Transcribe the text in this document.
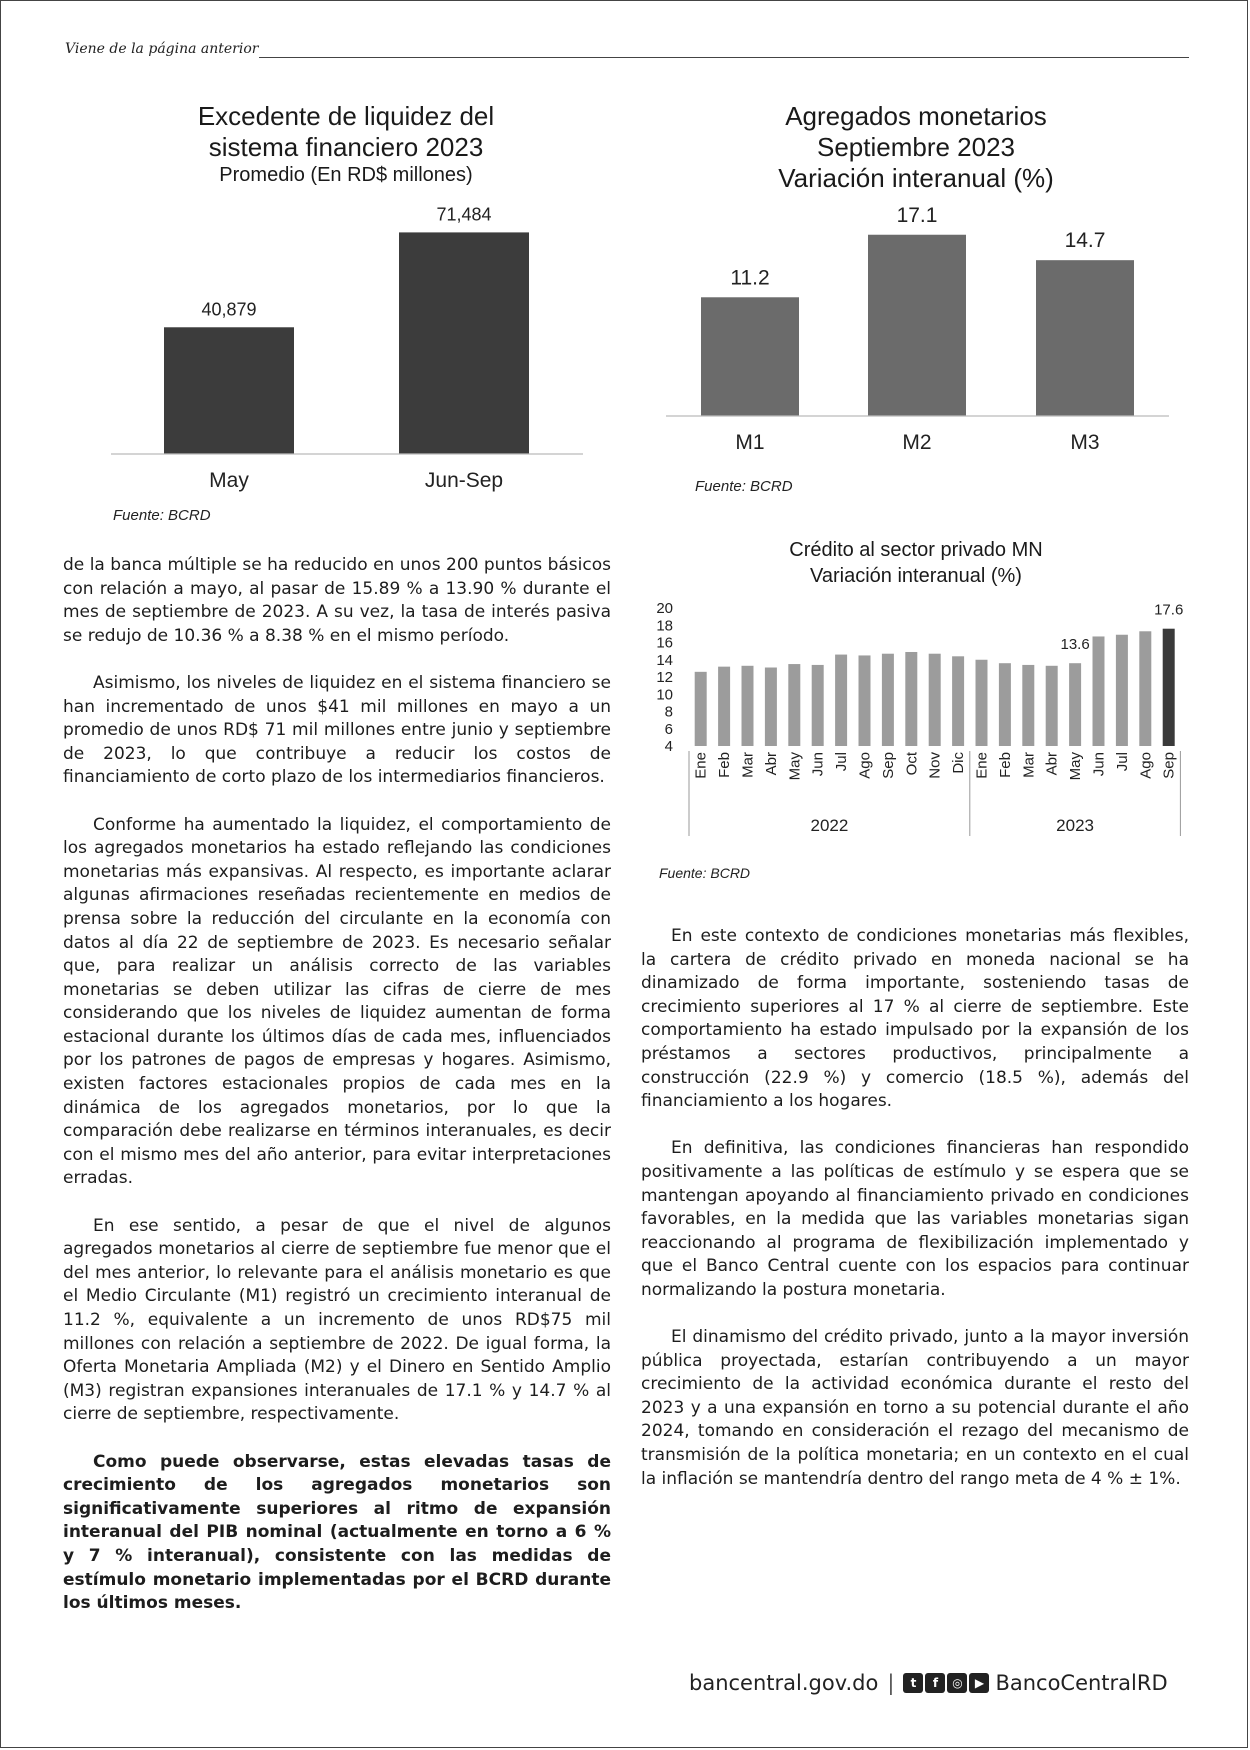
Viene de la página anterior
Excedente de liquidez del
sistema financiero 2023
Promedio (En RD$ millones)
40,879
May
71,484
Jun-Sep
Fuente: BCRD
Agregados monetarios
Septiembre 2023
Variación interanual (%)
11.2
M1
17.1
M2
14.7
M3
Fuente: BCRD
Crédito al sector privado MN
Variación interanual (%)
20
18
16
14
12
10
8
6
4
Ene Feb Mar Abr May Jun Jul Ago Sep Oct Nov Dic Ene Feb Mar Abr May Jun Jul Ago Sep
13.6
17.6
2022	2023
Fuente: BCRD

de la banca múltiple se ha reducido en unos 200 puntos básicos con relación a mayo, al pasar de 15.89 % a 13.90 % durante el mes de septiembre de 2023. A su vez, la tasa de interés pasiva se redujo de 10.36 % a 8.38 % en el mismo período.

Asimismo, los niveles de liquidez en el sistema financiero se han incrementado de unos $41 mil millones en mayo a un promedio de unos RD$ 71 mil millones entre junio y septiembre de 2023, lo que contribuye a reducir los costos de financiamiento de corto plazo de los intermediarios financieros.

Conforme ha aumentado la liquidez, el comportamiento de los agregados monetarios ha estado reflejando las condiciones monetarias más expansivas. Al respecto, es importante aclarar algunas afirmaciones reseñadas recientemente en medios de prensa sobre la reducción del circulante en la economía con datos al día 22 de septiembre de 2023. Es necesario señalar que, para realizar un análisis correcto de las variables monetarias se deben utilizar las cifras de cierre de mes considerando que los niveles de liquidez aumentan de forma estacional durante los últimos días de cada mes, influenciados por los patrones de pagos de empresas y hogares. Asimismo, existen factores estacionales propios de cada mes en la dinámica de los agregados monetarios, por lo que la comparación debe realizarse en términos interanuales, es decir con el mismo mes del año anterior, para evitar interpretaciones erradas.

En ese sentido, a pesar de que el nivel de algunos agregados monetarios al cierre de septiembre fue menor que el del mes anterior, lo relevante para el análisis monetario es que el Medio Circulante (M1) registró un crecimiento interanual de 11.2 %, equivalente a un incremento de unos RD$75 mil millones con relación a septiembre de 2022. De igual forma, la Oferta Monetaria Ampliada (M2) y el Dinero en Sentido Amplio (M3) registran expansiones interanuales de 17.1 % y 14.7 % al cierre de septiembre, respectivamente.

Como puede observarse, estas elevadas tasas de crecimiento de los agregados monetarios son significativamente superiores al ritmo de expansión interanual del PIB nominal (actualmente en torno a 6 % y 7 % interanual), consistente con las medidas de estímulo monetario implementadas por el BCRD durante los últimos meses.

En este contexto de condiciones monetarias más flexibles, la cartera de crédito privado en moneda nacional se ha dinamizado de forma importante, sosteniendo tasas de crecimiento superiores al 17 % al cierre de septiembre. Este comportamiento ha estado impulsado por la expansión de los préstamos a sectores productivos, principalmente a construcción (22.9 %) y comercio (18.5 %), además del financiamiento a los hogares.

En definitiva, las condiciones financieras han respondido positivamente a las políticas de estímulo y se espera que se mantengan apoyando al financiamiento privado en condiciones favorables, en la medida que las variables monetarias sigan reaccionando al programa de flexibilización implementado y que el Banco Central cuente con los espacios para continuar normalizando la postura monetaria.

El dinamismo del crédito privado, junto a la mayor inversión pública proyectada, estarían contribuyendo a un mayor crecimiento de la actividad económica durante el resto del 2023 y a una expansión en torno a su potencial durante el año 2024, tomando en consideración el rezago del mecanismo de transmisión de la política monetaria; en un contexto en el cual la inflación se mantendría dentro del rango meta de 4 % ± 1%.

bancentral.gov.do |	t	f	◎	▶ BancoCentralRD
